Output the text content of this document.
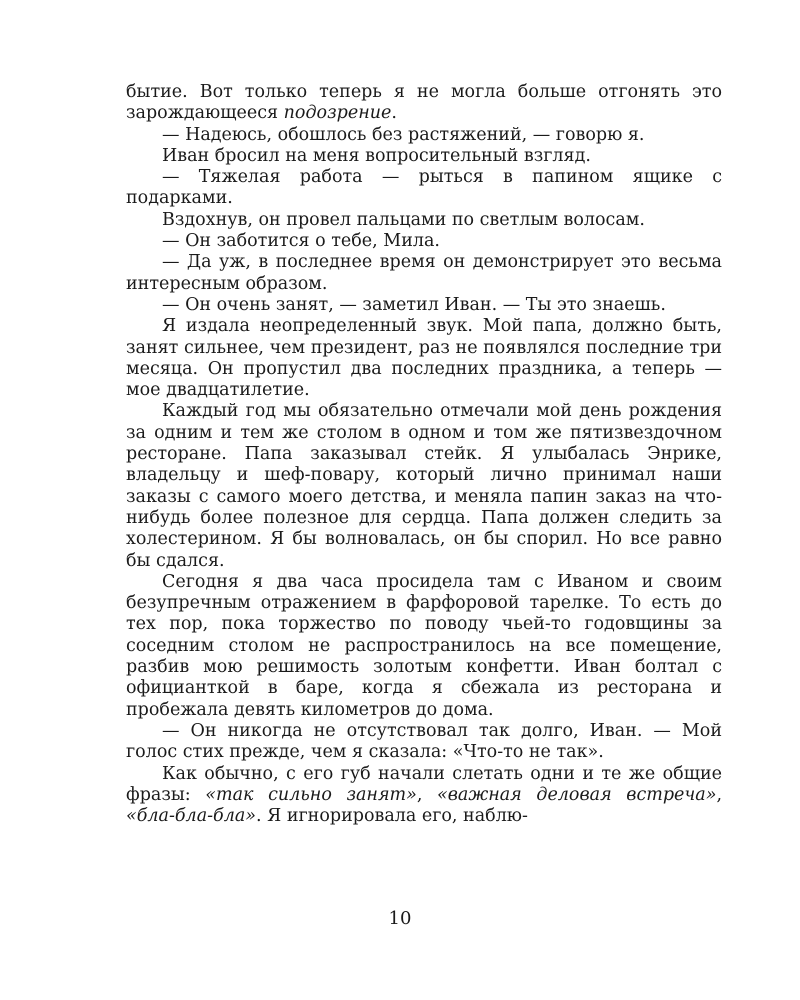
бытие. Вот только теперь я не могла больше отгонять это зарождающееся подозрение.

— Надеюсь, обошлось без растяжений, — говорю я.

Иван бросил на меня вопросительный взгляд.

— Тяжелая работа — рыться в папином ящике с подарками.

Вздохнув, он провел пальцами по светлым волосам.

— Он заботится о тебе, Мила.

— Да уж, в последнее время он демонстрирует это весьма интересным образом.

— Он очень занят, — заметил Иван. — Ты это знаешь.

Я издала неопределенный звук. Мой папа, должно быть, занят сильнее, чем президент, раз не появлялся последние три месяца. Он пропустил два последних праздника, а теперь — мое двадцатилетие.

Каждый год мы обязательно отмечали мой день рождения за одним и тем же столом в одном и том же пятизвездочном ресторане. Папа заказывал стейк. Я улыбалась Энрике, владельцу и шеф-повару, который лично принимал наши заказы с самого моего детства, и меняла папин заказ на что-нибудь более полезное для сердца. Папа должен следить за холестерином. Я бы волновалась, он бы спорил. Но все равно бы сдался.

Сегодня я два часа просидела там с Иваном и своим безупречным отражением в фарфоровой тарелке. То есть до тех пор, пока торжество по поводу чьей-то годовщины за соседним столом не распространилось на все помещение, разбив мою решимость золотым конфетти. Иван болтал с официанткой в баре, когда я сбежала из ресторана и пробежала девять километров до дома.

— Он никогда не отсутствовал так долго, Иван. — Мой голос стих прежде, чем я сказала: «Что-то не так».

Как обычно, с его губ начали слетать одни и те же общие фразы: «так сильно занят», «важная деловая встреча», «бла-бла-бла». Я игнорировала его, наблю-

10
